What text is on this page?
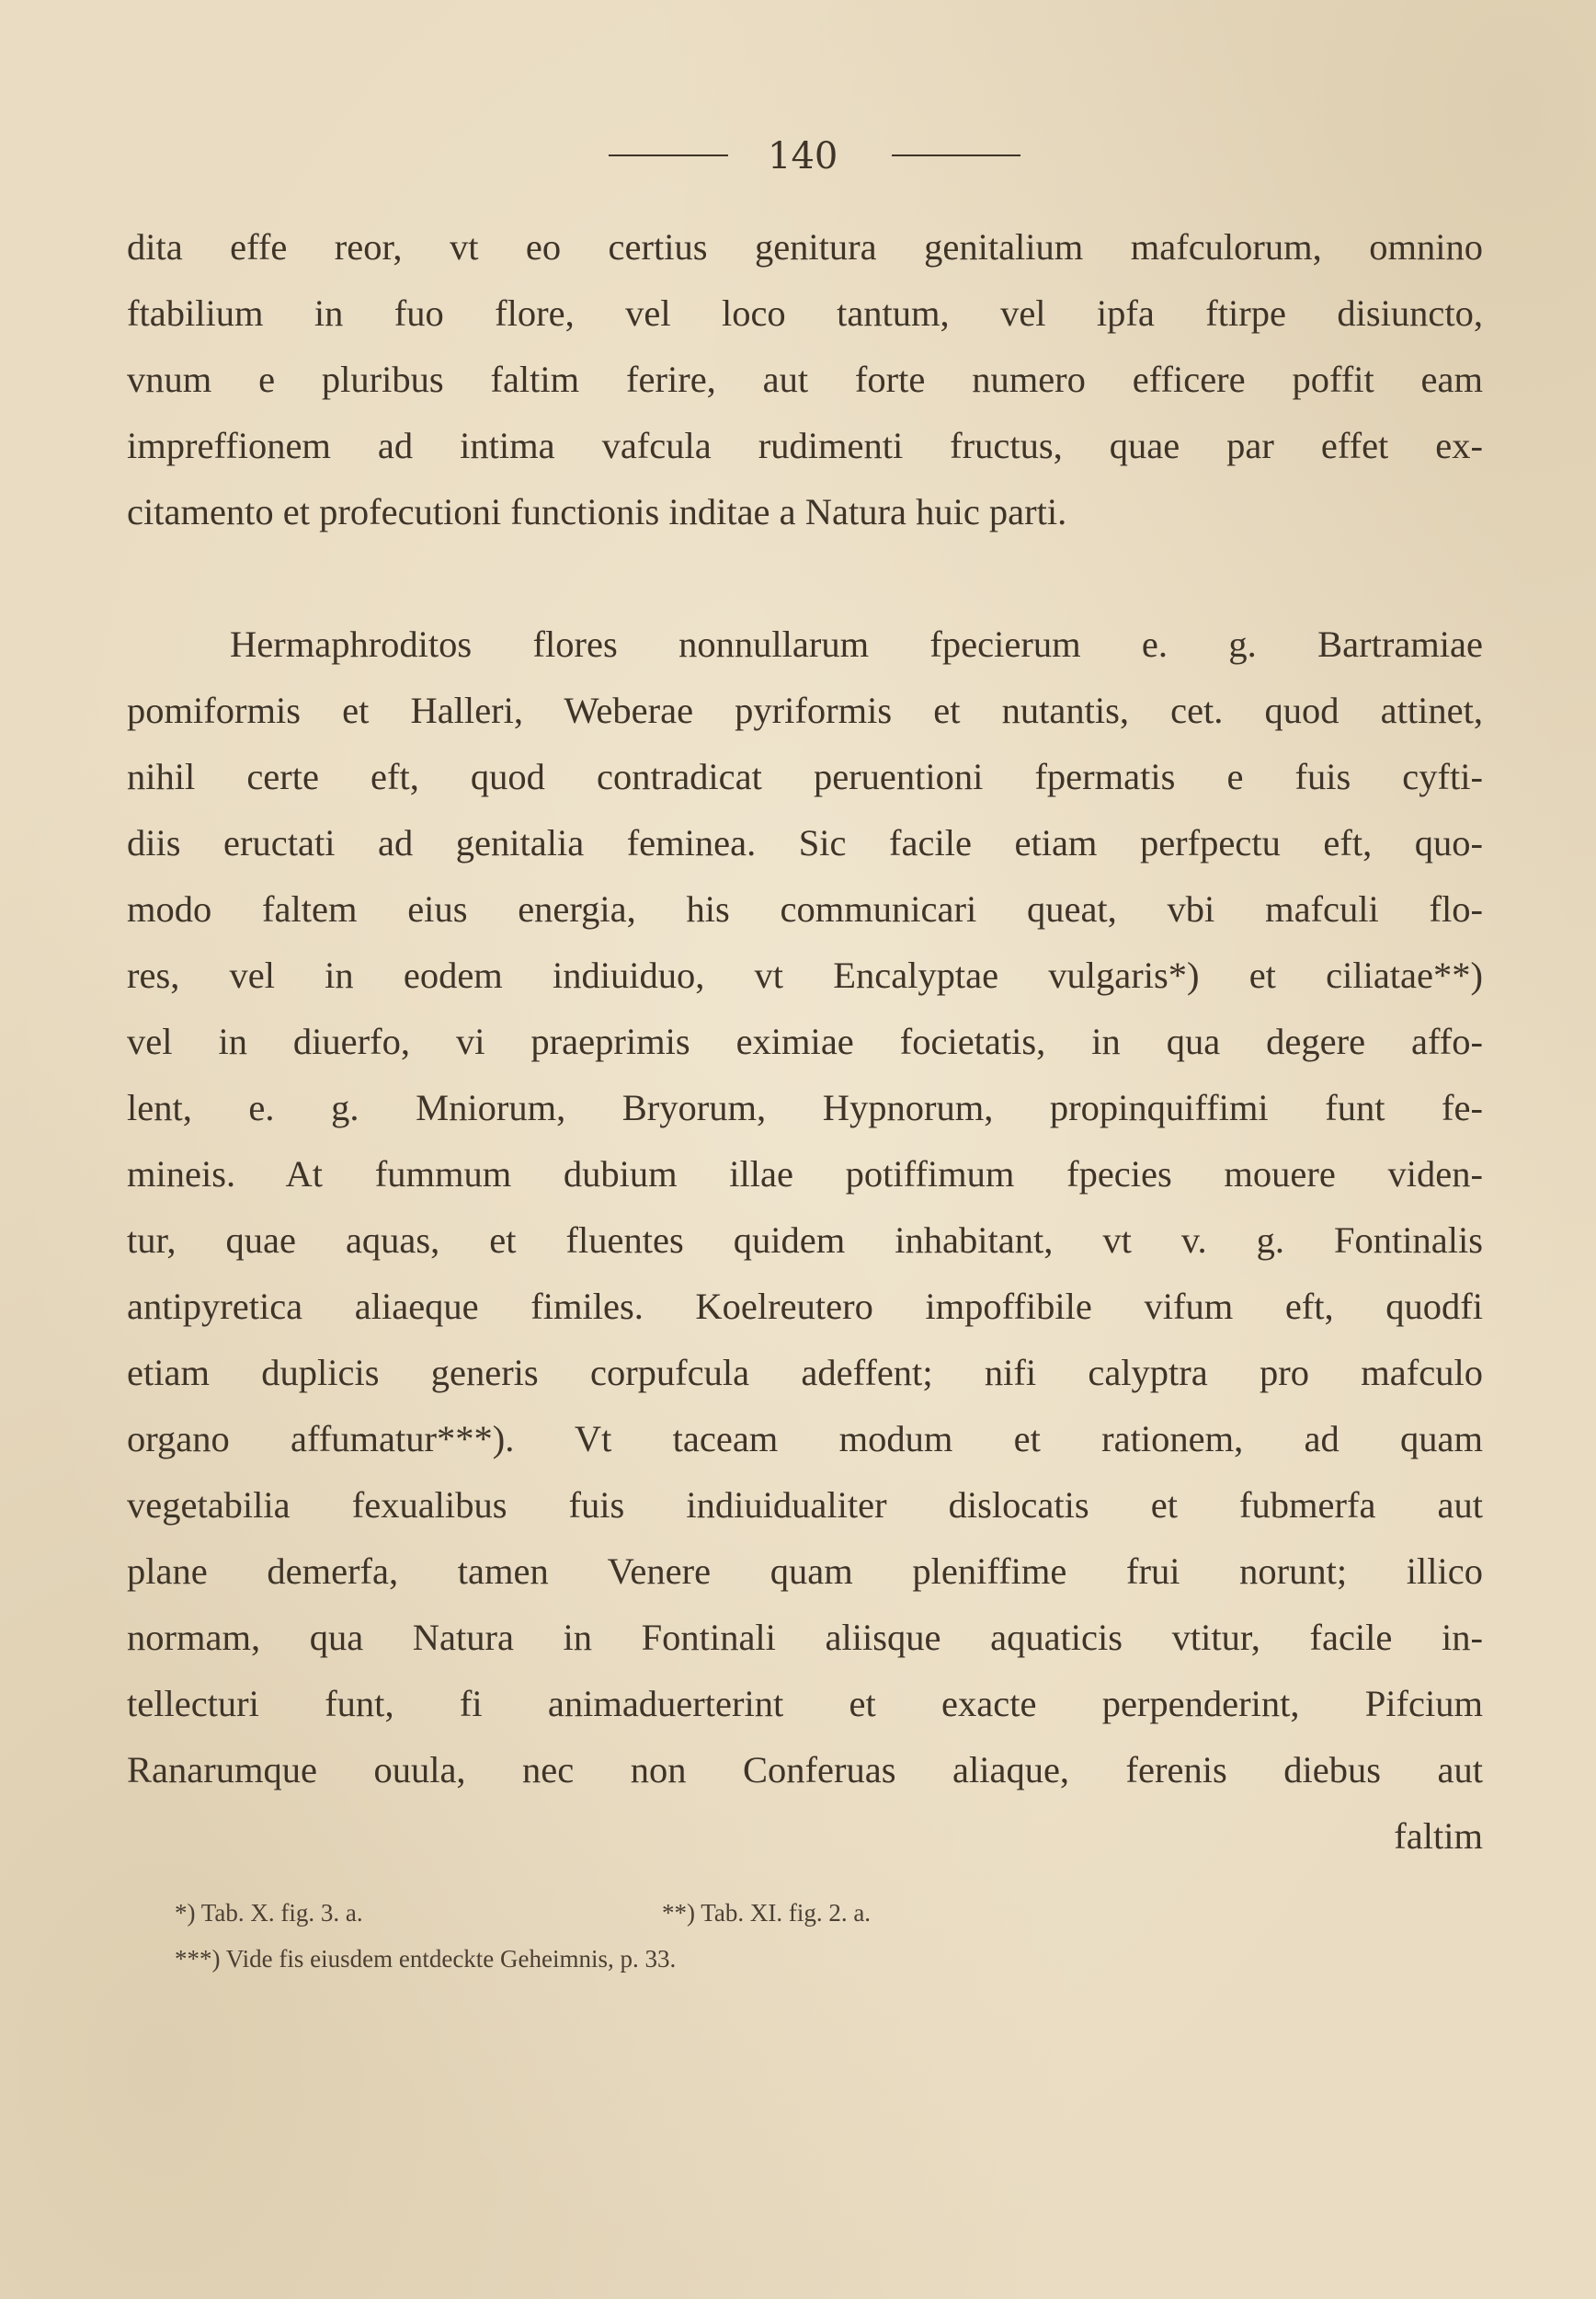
140
dita effe reor, vt eo certius genitura genitalium mafculorum, omnino
ftabilium in fuo flore, vel loco tantum, vel ipfa ftirpe disiuncto,
vnum e pluribus faltim ferire, aut forte numero efficere poffit eam
impreffionem ad intima vafcula rudimenti fructus, quae par effet ex-
citamento et profecutioni functionis inditae a Natura huic parti.
Hermaphroditos flores nonnullarum fpecierum e. g. Bartramiae
pomiformis et Halleri, Weberae pyriformis et nutantis, cet. quod attinet,
nihil certe eft, quod contradicat peruentioni fpermatis e fuis cyfti-
diis eructati ad genitalia feminea. Sic facile etiam perfpectu eft, quo-
modo faltem eius energia, his communicari queat, vbi mafculi flo-
res, vel in eodem indiuiduo, vt Encalyptae vulgaris*) et ciliatae**)
vel in diuerfo, vi praeprimis eximiae focietatis, in qua degere affo-
lent, e. g. Mniorum, Bryorum, Hypnorum, propinquiffimi funt fe-
mineis. At fummum dubium illae potiffimum fpecies mouere viden-
tur, quae aquas, et fluentes quidem inhabitant, vt v. g. Fontinalis
antipyretica aliaeque fimiles. Koelreutero impoffibile vifum eft, quodfi
etiam duplicis generis corpufcula adeffent; nifi calyptra pro mafculo
organo affumatur***). Vt taceam modum et rationem, ad quam
vegetabilia fexualibus fuis indiuidualiter dislocatis et fubmerfa aut
plane demerfa, tamen Venere quam pleniffime frui norunt; illico
normam, qua Natura in Fontinali aliisque aquaticis vtitur, facile in-
tellecturi funt, fi animaduerterint et exacte perpenderint, Pifcium
Ranarumque ouula, nec non Conferuas aliaque, ferenis diebus aut
faltim
*) Tab. X. fig. 3. a.	**) Tab. XI. fig. 2. a.
***) Vide fis eiusdem entdeckte Geheimnis, p. 33.
